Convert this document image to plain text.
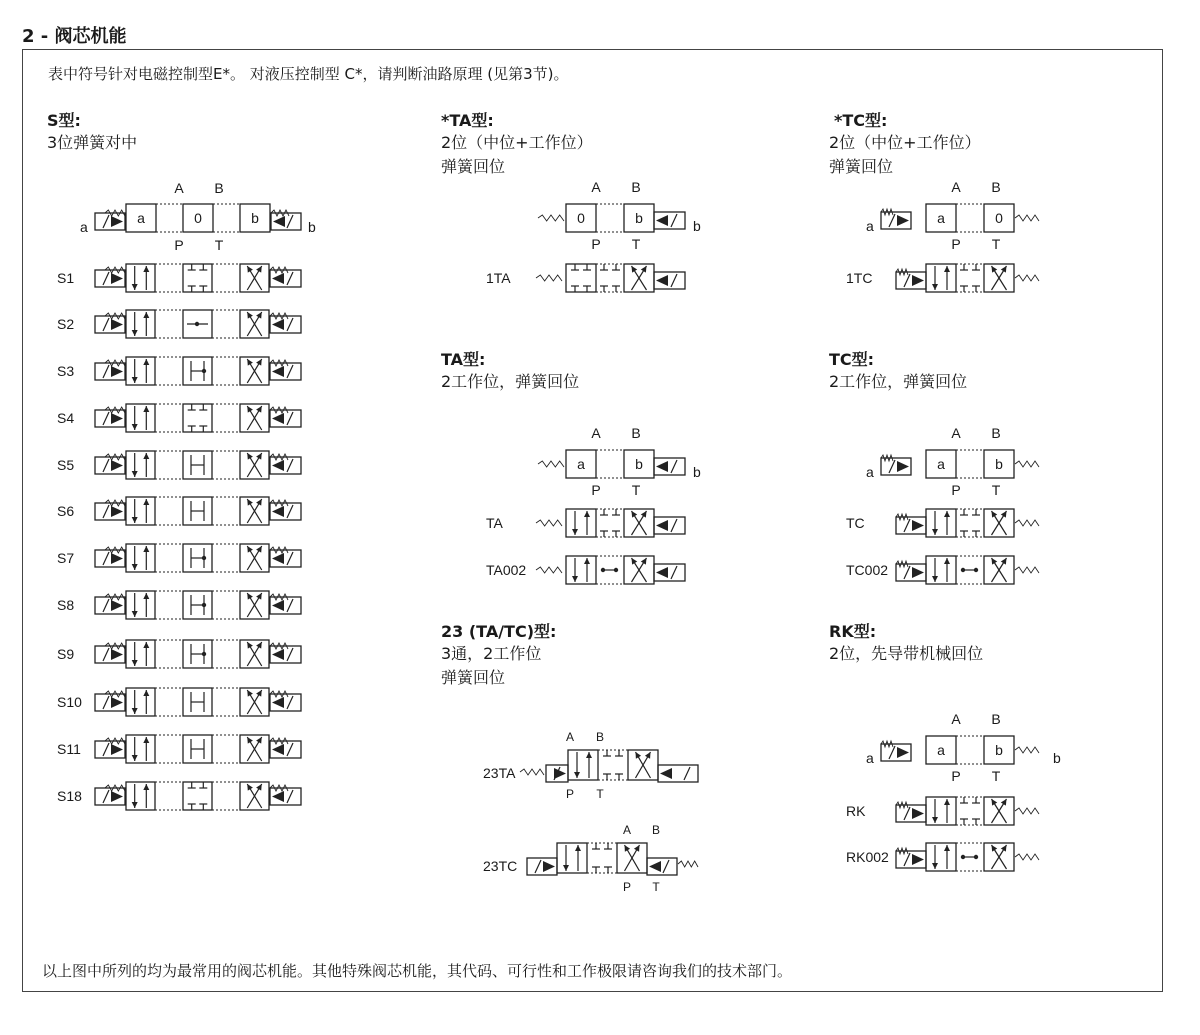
2 - 阀芯机能
表中符号针对电磁控制型E*。 对液压控制型 C*，请判断油路原理 (见第3节)。
S型:
3位弹簧对中
*TA型:
2位（中位+工作位）
弹簧回位
*TC型:
2位（中位+工作位）
弹簧回位
TA型:
2工作位，弹簧回位
TC型:
2工作位，弹簧回位
23 (TA/TC)型:
3通，2工作位
弹簧回位
RK型:
2位，先导带机械回位
以上图中所列的均为最常用的阀芯机能。其他特殊阀芯机能，其代码、可行性和工作极限请咨询我们的技术部门。
A B
a
a	0	b
b
P T
S1
S2
S3
S4
S5
S6
S7
S8
S9
S10
S11
S18
A B
0	b	b
P T
1TA
A B
a	a	0
P T
1TC
A B
a	b	b
P T
TA
TA002
A B
a	a	b
P T
TC
TC002
A B
a	a	b	b
P T
RK
RK002
23TA
A B
P T
23TC
A B
P T
